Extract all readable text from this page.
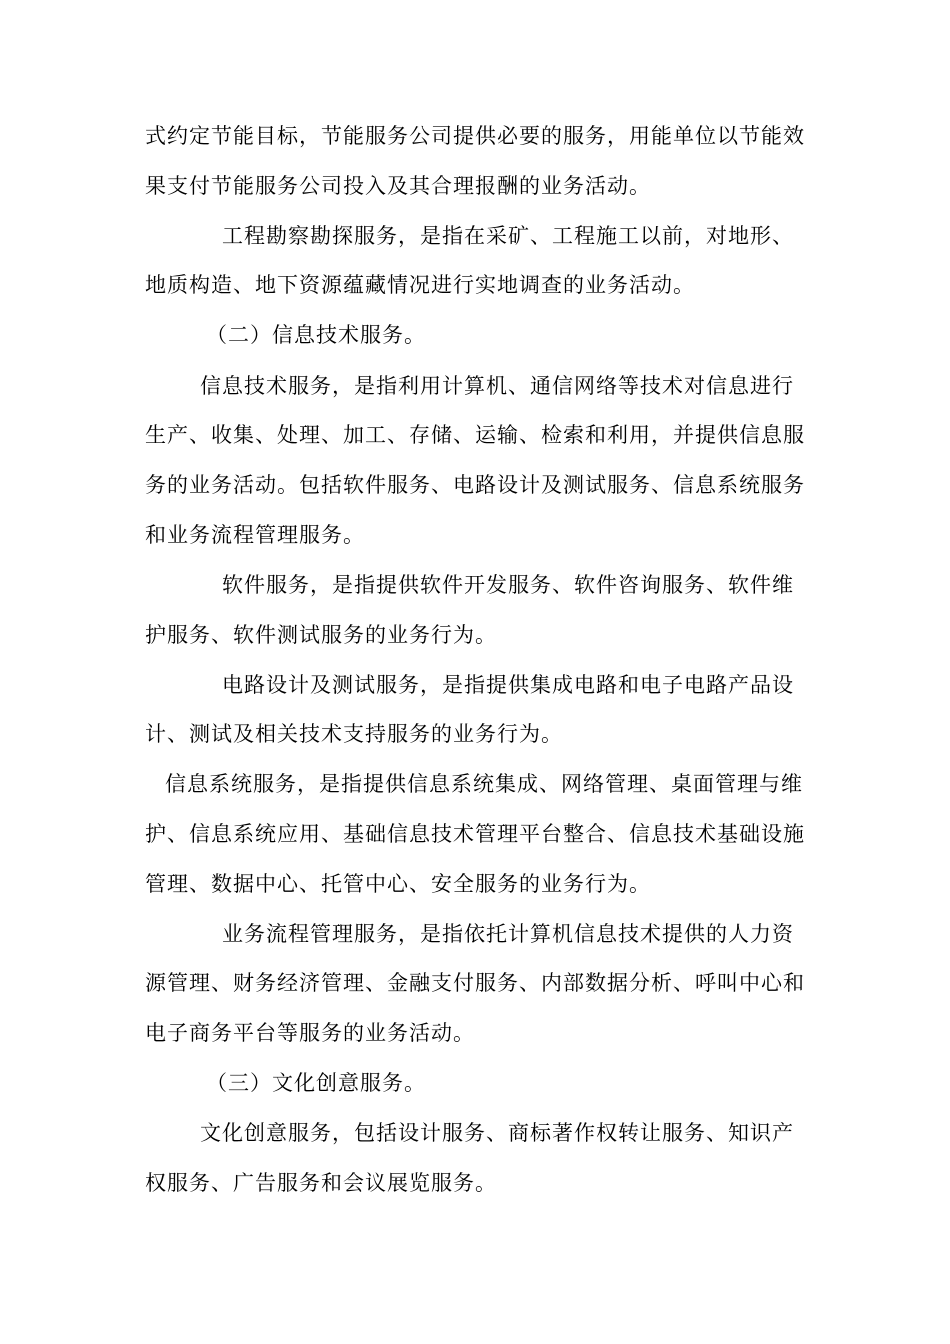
式约定节能目标，节能服务公司提供必要的服务，用能单位以节能效
果支付节能服务公司投入及其合理报酬的业务活动。
工程勘察勘探服务，是指在采矿、工程施工以前，对地形、
地质构造、地下资源蕴藏情况进行实地调查的业务活动。
（二）信息技术服务。
信息技术服务，是指利用计算机、通信网络等技术对信息进行
生产、收集、处理、加工、存储、运输、检索和利用，并提供信息服
务的业务活动。包括软件服务、电路设计及测试服务、信息系统服务
和业务流程管理服务。
软件服务，是指提供软件开发服务、软件咨询服务、软件维
护服务、软件测试服务的业务行为。
电路设计及测试服务，是指提供集成电路和电子电路产品设
计、测试及相关技术支持服务的业务行为。
信息系统服务，是指提供信息系统集成、网络管理、桌面管理与维
护、信息系统应用、基础信息技术管理平台整合、信息技术基础设施
管理、数据中心、托管中心、安全服务的业务行为。
业务流程管理服务，是指依托计算机信息技术提供的人力资
源管理、财务经济管理、金融支付服务、内部数据分析、呼叫中心和
电子商务平台等服务的业务活动。
（三）文化创意服务。
文化创意服务，包括设计服务、商标著作权转让服务、知识产
权服务、广告服务和会议展览服务。
